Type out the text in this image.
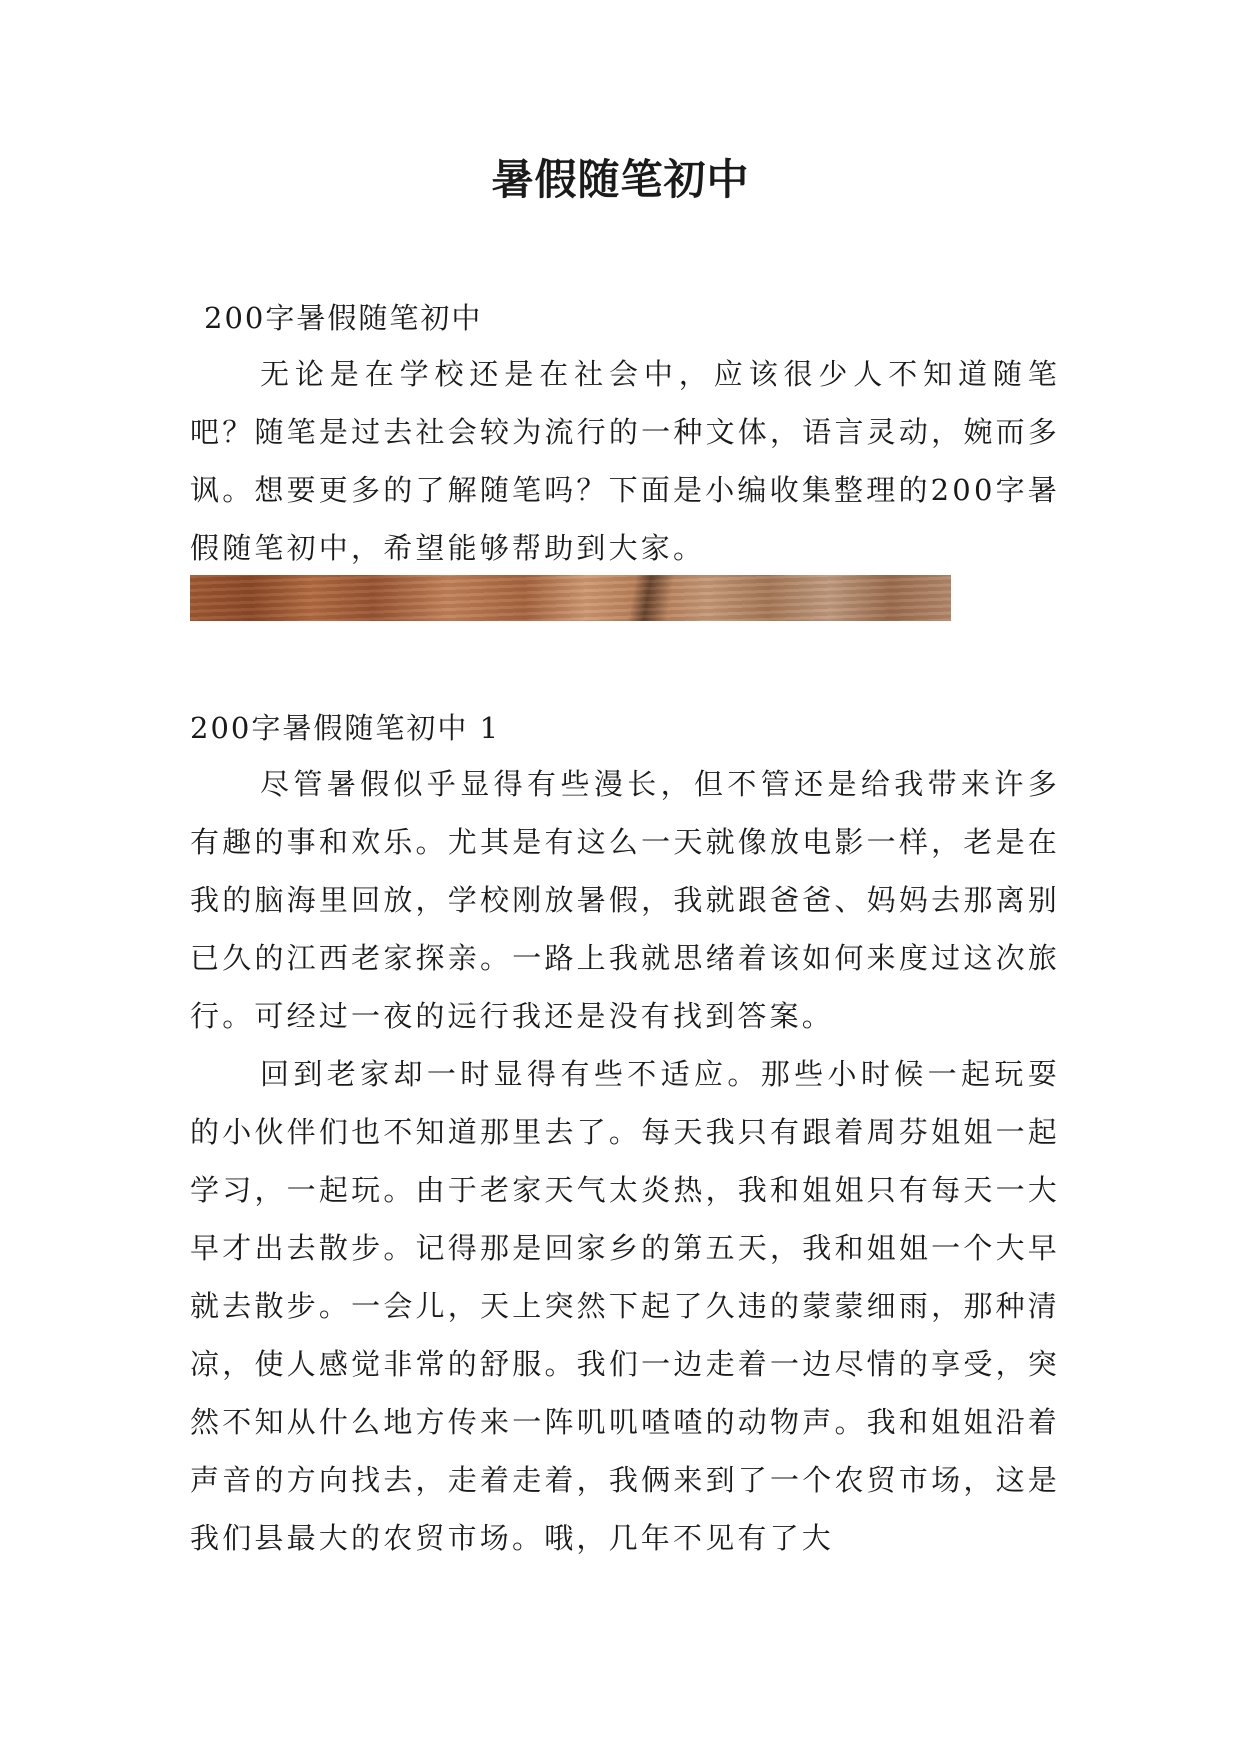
暑假随笔初中

200字暑假随笔初中

无论是在学校还是在社会中，应该很少人不知道随笔吧？随笔是过去社会较为流行的一种文体，语言灵动，婉而多讽。想要更多的了解随笔吗？下面是小编收集整理的200字暑假随笔初中，希望能够帮助到大家。

200字暑假随笔初中 1

尽管暑假似乎显得有些漫长，但不管还是给我带来许多有趣的事和欢乐。尤其是有这么一天就像放电影一样，老是在我的脑海里回放，学校刚放暑假，我就跟爸爸、妈妈去那离别已久的江西老家探亲。一路上我就思绪着该如何来度过这次旅行。可经过一夜的远行我还是没有找到答案。

回到老家却一时显得有些不适应。那些小时候一起玩耍的小伙伴们也不知道那里去了。每天我只有跟着周芬姐姐一起学习，一起玩。由于老家天气太炎热，我和姐姐只有每天一大早才出去散步。记得那是回家乡的第五天，我和姐姐一个大早就去散步。一会儿，天上突然下起了久违的蒙蒙细雨，那种清凉，使人感觉非常的舒服。我们一边走着一边尽情的享受，突然不知从什么地方传来一阵叽叽喳喳的动物声。我和姐姐沿着声音的方向找去，走着走着，我俩来到了一个农贸市场，这是我们县最大的农贸市场。哦，几年不见有了大
